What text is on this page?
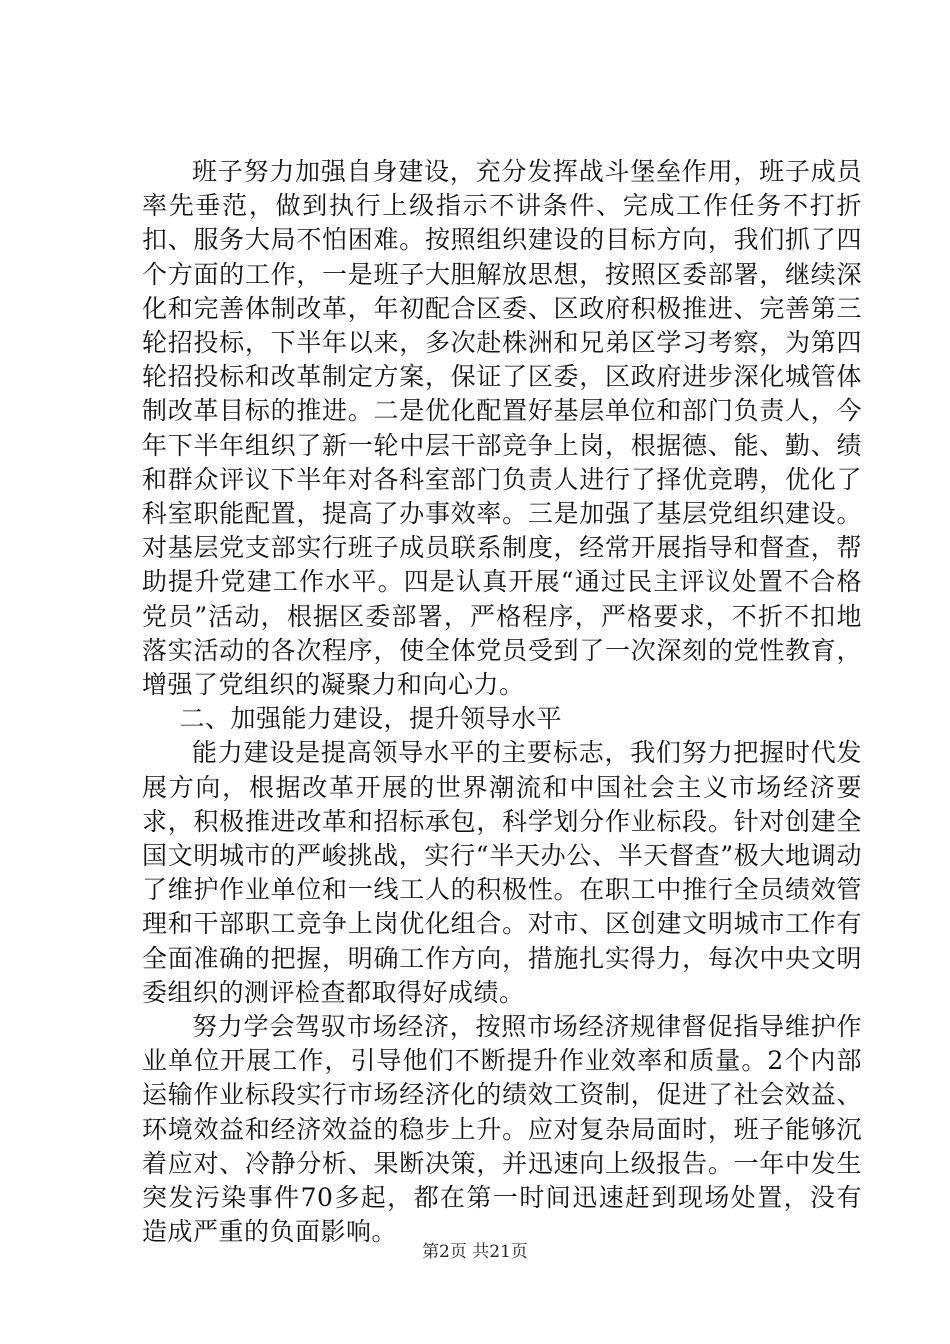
班子努力加强自身建设，充分发挥战斗堡垒作用，班子成员率先垂范，做到执行上级指示不讲条件、完成工作任务不打折扣、服务大局不怕困难。按照组织建设的目标方向，我们抓了四个方面的工作，一是班子大胆解放思想，按照区委部署，继续深化和完善体制改革，年初配合区委、区政府积极推进、完善第三轮招投标，下半年以来，多次赴株洲和兄弟区学习考察，为第四轮招投标和改革制定方案，保证了区委，区政府进步深化城管体制改革目标的推进。二是优化配置好基层单位和部门负责人，今年下半年组织了新一轮中层干部竞争上岗，根据德、能、勤、绩和群众评议下半年对各科室部门负责人进行了择优竞聘，优化了科室职能配置，提高了办事效率。三是加强了基层党组织建设。对基层党支部实行班子成员联系制度，经常开展指导和督查，帮助提升党建工作水平。四是认真开展“通过民主评议处置不合格党员”活动，根据区委部署，严格程序，严格要求，不折不扣地落实活动的各次程序，使全体党员受到了一次深刻的党性教育，增强了党组织的凝聚力和向心力。

二、加强能力建设，提升领导水平

能力建设是提高领导水平的主要标志，我们努力把握时代发展方向，根据改革开展的世界潮流和中国社会主义市场经济要求，积极推进改革和招标承包，科学划分作业标段。针对创建全国文明城市的严峻挑战，实行“半天办公、半天督查”极大地调动了维护作业单位和一线工人的积极性。在职工中推行全员绩效管理和干部职工竞争上岗优化组合。对市、区创建文明城市工作有全面准确的把握，明确工作方向，措施扎实得力，每次中央文明委组织的测评检查都取得好成绩。

努力学会驾驭市场经济，按照市场经济规律督促指导维护作业单位开展工作，引导他们不断提升作业效率和质量。2个内部运输作业标段实行市场经济化的绩效工资制，促进了社会效益、环境效益和经济效益的稳步上升。应对复杂局面时，班子能够沉着应对、冷静分析、果断决策，并迅速向上级报告。一年中发生突发污染事件70多起，都在第一时间迅速赶到现场处置，没有造成严重的负面影响。

第2页 共21页
